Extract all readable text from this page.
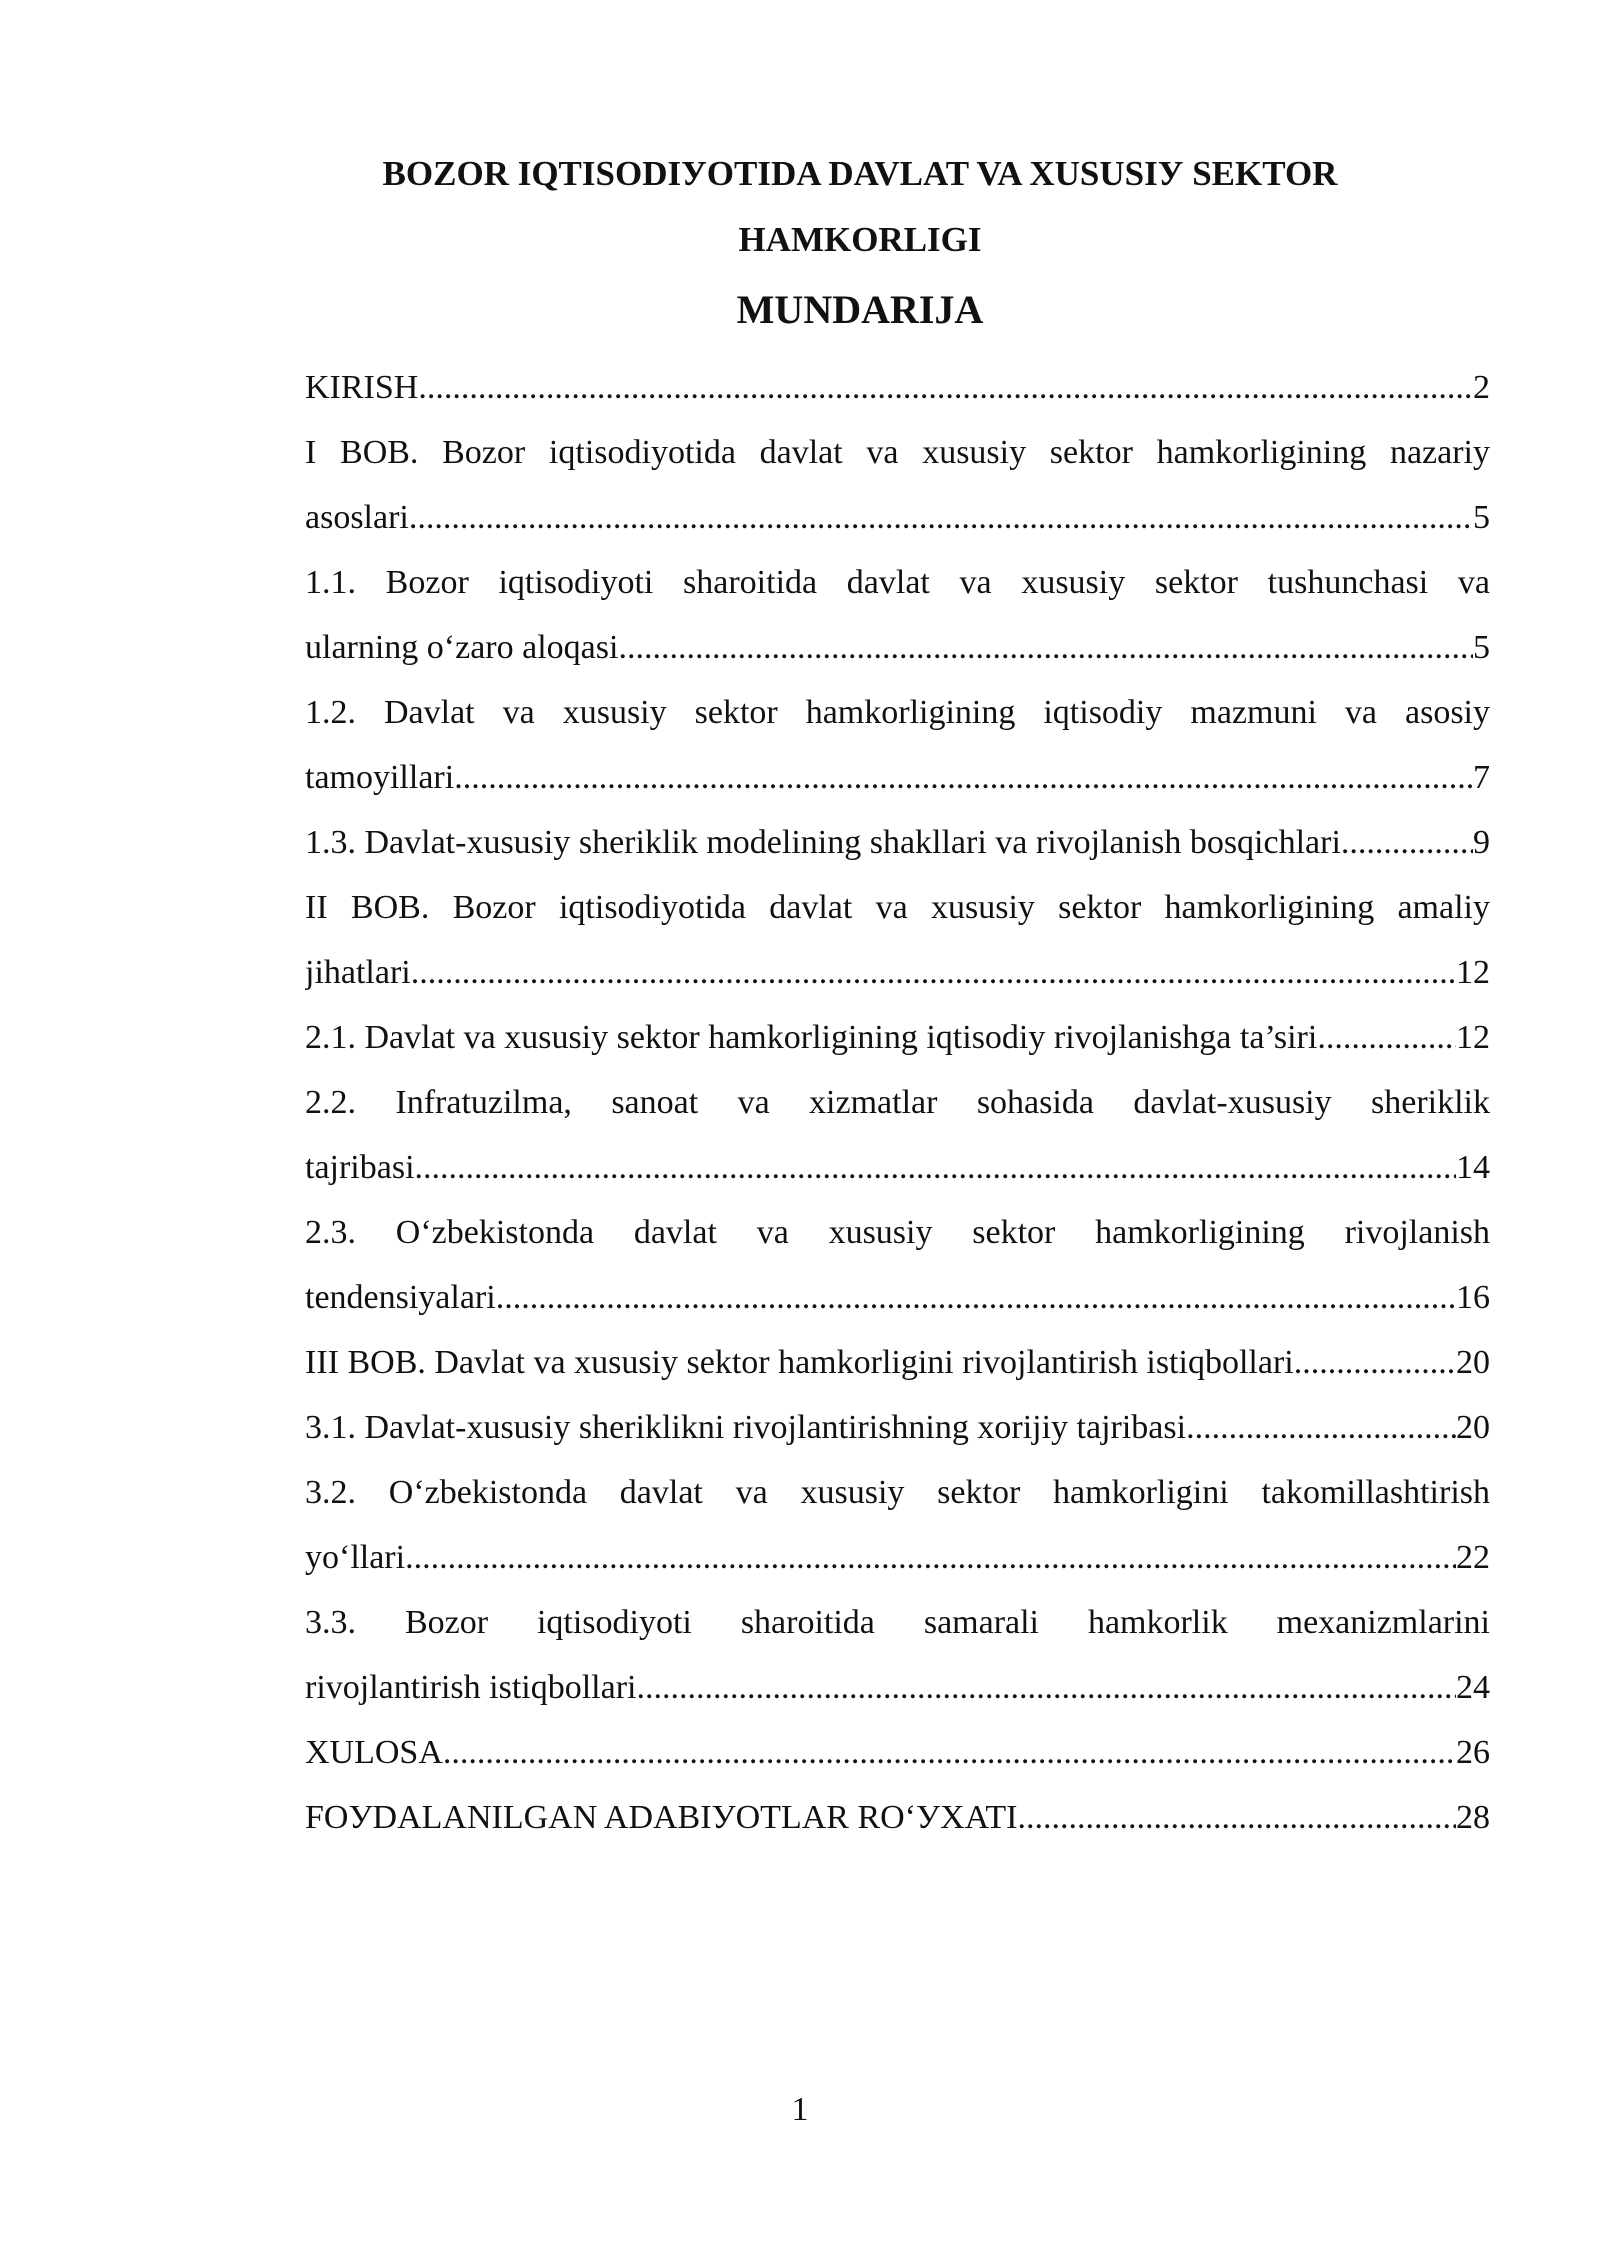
BOZOR IQTISODIУOTIDA DAVLAT VA XUSUSIУ SEKTOR
HAMKORLIGI
MUNDARIJA
KIRISH .....	2
I BOB. Bozor iqtisodiyotida davlat va xususiy sektor hamkorligining nazariy
asoslari .....	5
1.1. Bozor iqtisodiyoti sharoitida davlat va xususiy sektor tushunchasi va
ularning o‘zaro aloqasi .....	5
1.2. Davlat va xususiy sektor hamkorligining iqtisodiy mazmuni va asosiy
tamoyillari .....	7
1.3. Davlat-xususiy sheriklik modelining shakllari va rivojlanish bosqichlari. .....	9
II BOB. Bozor iqtisodiyotida davlat va xususiy sektor hamkorligining amaliy
jihatlari .....	12
2.1. Davlat va xususiy sektor hamkorligining iqtisodiy rivojlanishga ta’siri.. .....	12
2.2. Infratuzilma, sanoat va xizmatlar sohasida davlat-xususiy sheriklik
tajribasi .....	14
2.3. O‘zbekistonda davlat va xususiy sektor hamkorligining rivojlanish
tendensiyalari .....	16
III BOB. Davlat va xususiy sektor hamkorligini rivojlantirish istiqbollari .....	20
3.1. Davlat-xususiy sheriklikni rivojlantirishning xorijiy tajribasi .....	20
3.2. O‘zbekistonda davlat va xususiy sektor hamkorligini takomillashtirish
yo‘llari .....	22
3.3. Bozor iqtisodiyoti sharoitida samarali hamkorlik mexanizmlarini
rivojlantirish istiqbollari .....	24
XULOSA .....	26
FOУDALANILGAN ADABIУOTLAR ROʻУXATI .....	28
1
